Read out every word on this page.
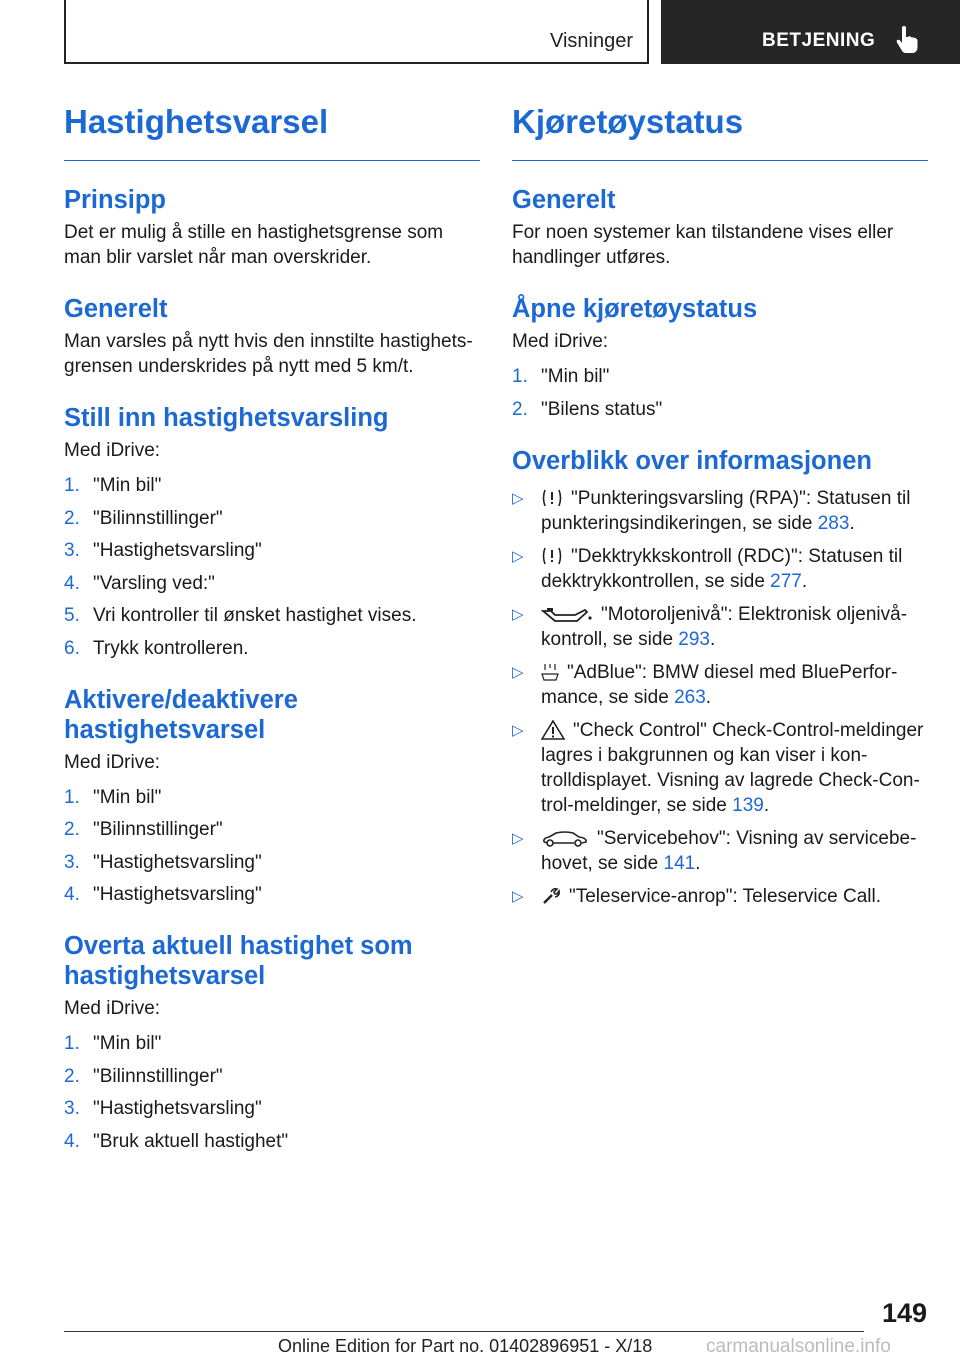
Visninger	BETJENING
Hastighetsvarsel
Prinsipp

Det er mulig å stille en hastighetsgrense som man blir varslet når man overskrider.

Generelt

Man varsles på nytt hvis den innstilte hastighetsgrensen underskrides på nytt med 5 km/t.

Still inn hastighetsvarsling

Med iDrive:

1. "Min bil"
2. "Bilinnstillinger"
3. "Hastighetsvarsling"
4. "Varsling ved:"
5. Vri kontroller til ønsket hastighet vises.
6. Trykk kontrolleren.
Aktivere/deaktivere hastighetsvarsel

Med iDrive:

1. "Min bil"
2. "Bilinnstillinger"
3. "Hastighetsvarsling"
4. "Hastighetsvarsling"
Overta aktuell hastighet som hastighetsvarsel

Med iDrive:

1. "Min bil"
2. "Bilinnstillinger"
3. "Hastighetsvarsling"
4. "Bruk aktuell hastighet"
Kjøretøystatus
Generelt

For noen systemer kan tilstandene vises eller handlinger utføres.

Åpne kjøretøystatus

Med iDrive:

1. "Min bil"
2. "Bilens status"
Overblikk over informasjonen
▷ "Punkteringsvarsling (RPA)": Statusen til punkteringsindikeringen, se side 283.
▷ "Dekktrykkskontroll (RDC)": Statusen til dekktrykkontrollen, se side 277.
▷	"Motoroljenivå": Elektronisk oljenivåkontroll, se side 293.
▷ "AdBlue": BMW diesel med BluePerformance, se side 263.
▷	"Check Control" Check-Control-meldinger lagres i bakgrunnen og kan viser i kontrolldisplayet. Visning av lagrede Check-Control-meldinger, se side 139.
▷	"Servicebehov": Visning av servicebehovet, se side 141.
▷ "Teleservice-anrop": Teleservice Call.
149
Online Edition for Part no. 01402896951 - X/18	carmanualsonline.info
